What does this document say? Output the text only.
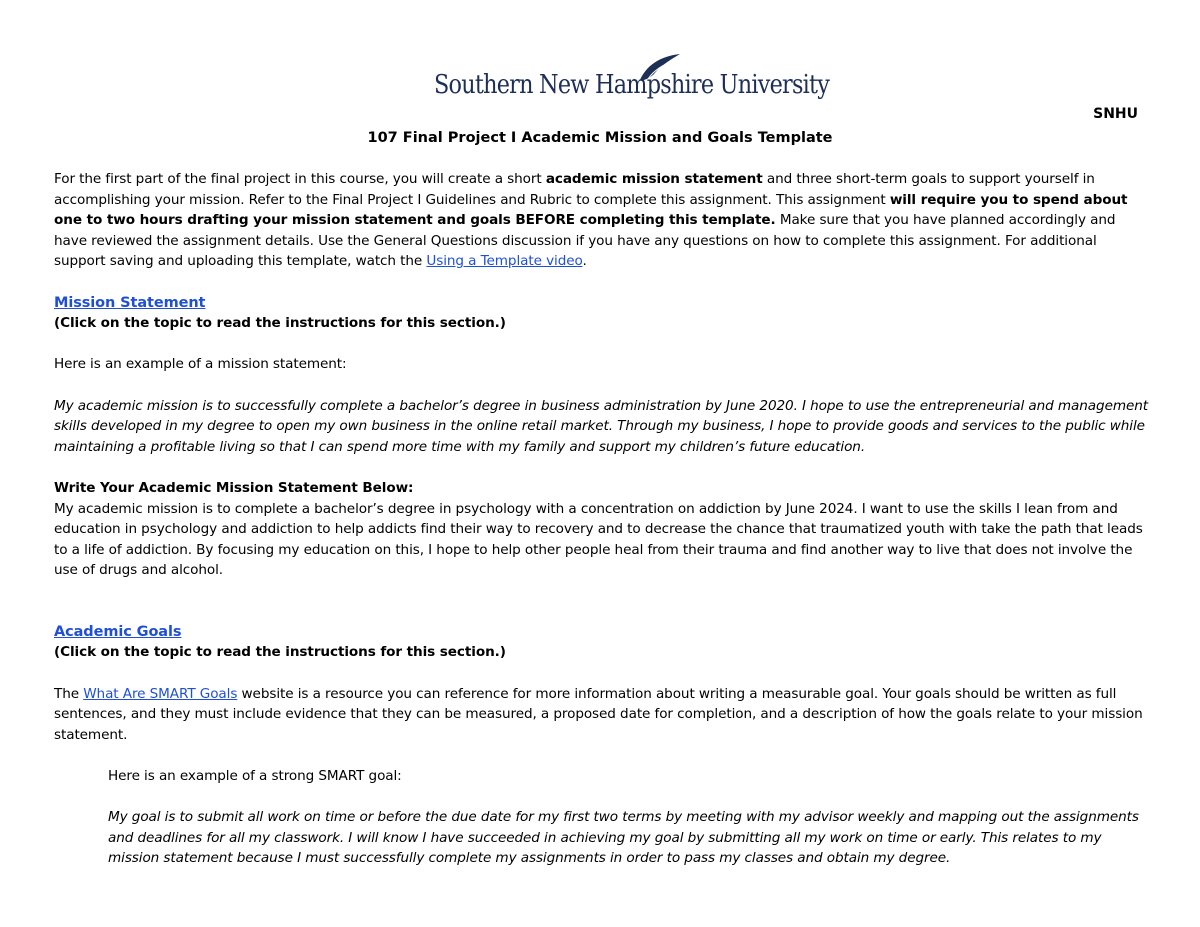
Southern New Hampshire University
SNHU
107 Final Project I Academic Mission and Goals Template

For the first part of the final project in this course, you will create a short academic mission statement and three short-term goals to support yourself in accomplishing your mission. Refer to the Final Project I Guidelines and Rubric to complete this assignment. This assignment will require you to spend about one to two hours drafting your mission statement and goals BEFORE completing this template. Make sure that you have planned accordingly and have reviewed the assignment details. Use the General Questions discussion if you have any questions on how to complete this assignment. For additional support saving and uploading this template, watch the Using a Template video.

Mission Statement

(Click on the topic to read the instructions for this section.)

Here is an example of a mission statement:

My academic mission is to successfully complete a bachelor’s degree in business administration by June 2020. I hope to use the entrepreneurial and management skills developed in my degree to open my own business in the online retail market. Through my business, I hope to provide goods and services to the public while maintaining a profitable living so that I can spend more time with my family and support my children’s future education.

Write Your Academic Mission Statement Below:

My academic mission is to complete a bachelor’s degree in psychology with a concentration on addiction by June 2024. I want to use the skills I lean from and education in psychology and addiction to help addicts find their way to recovery and to decrease the chance that traumatized youth with take the path that leads to a life of addiction. By focusing my education on this, I hope to help other people heal from their trauma and find another way to live that does not involve the use of drugs and alcohol.

Academic Goals

(Click on the topic to read the instructions for this section.)

The What Are SMART Goals website is a resource you can reference for more information about writing a measurable goal. Your goals should be written as full sentences, and they must include evidence that they can be measured, a proposed date for completion, and a description of how the goals relate to your mission statement.

Here is an example of a strong SMART goal:

My goal is to submit all work on time or before the due date for my first two terms by meeting with my advisor weekly and mapping out the assignments and deadlines for all my classwork. I will know I have succeeded in achieving my goal by submitting all my work on time or early. This relates to my mission statement because I must successfully complete my assignments in order to pass my classes and obtain my degree.
